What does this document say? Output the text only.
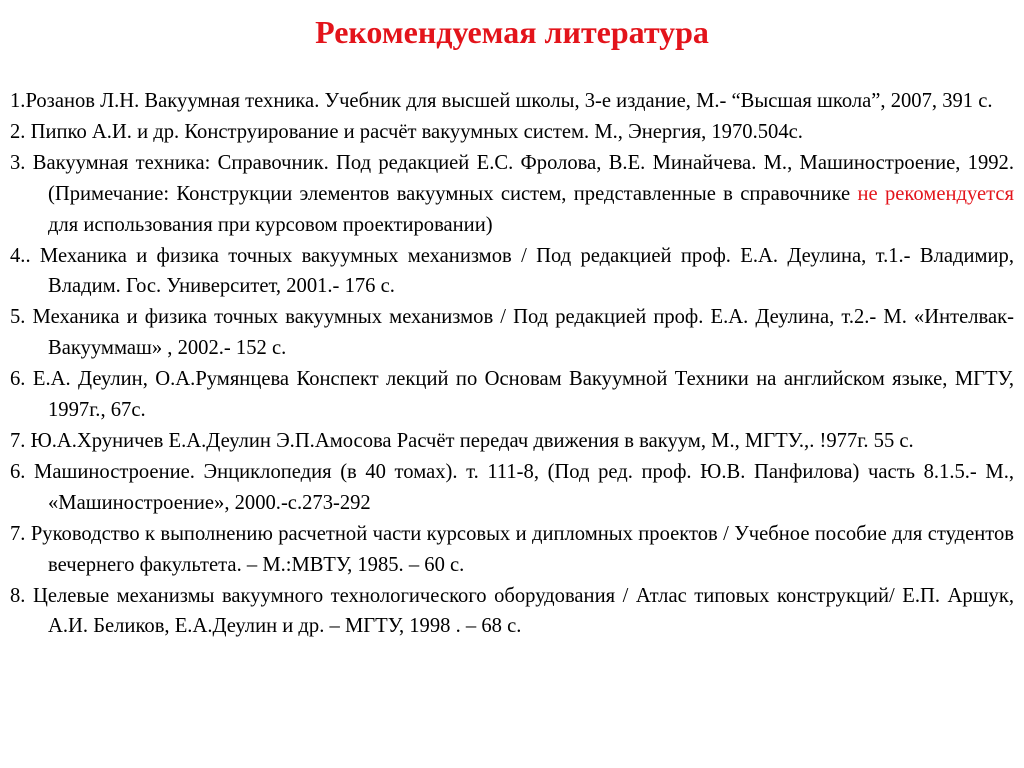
Рекомендуемая литература
1.Розанов Л.Н. Вакуумная техника. Учебник для высшей школы, 3-е издание, М.- “Высшая школа”, 2007, 391 с.
2. Пипко А.И. и др. Конструирование и расчёт вакуумных систем. М., Энергия, 1970.504с.
3. Вакуумная техника: Справочник. Под редакцией Е.С. Фролова, В.Е. Минайчева. М., Машиностроение, 1992. (Примечание: Конструкции элементов вакуумных систем, представленные в справочнике не рекомендуется для использования при курсовом проектировании)
4.. Механика и физика точных вакуумных механизмов / Под редакцией проф. Е.А. Деулина, т.1.- Владимир, Владим. Гос. Университет, 2001.- 176 с.
5. Механика и физика точных вакуумных механизмов / Под редакцией проф. Е.А. Деулина, т.2.- М. «Интелвак-Вакууммаш» , 2002.- 152 с.
6. Е.А. Деулин, О.А.Румянцева Конспект лекций по Основам Вакуумной Техники на английском языке, МГТУ, 1997г., 67с.
7. Ю.А.Хруничев Е.А.Деулин Э.П.Амосова Расчёт передач движения в вакуум, М., МГТУ.,. !977г. 55 с.
6. Машиностроение. Энциклопедия (в 40 томах). т. 111-8, (Под ред. проф. Ю.В. Панфилова) часть 8.1.5.- М., «Машиностроение», 2000.-с.273-292
7. Руководство к выполнению расчетной части курсовых и дипломных проектов / Учебное пособие для студентов вечернего факультета. – М.:МВТУ, 1985. – 60 с.
8. Целевые механизмы вакуумного технологического оборудования / Атлас типовых конструкций/ Е.П. Аршук, А.И. Беликов, Е.А.Деулин и др. – МГТУ, 1998 . – 68 с.
